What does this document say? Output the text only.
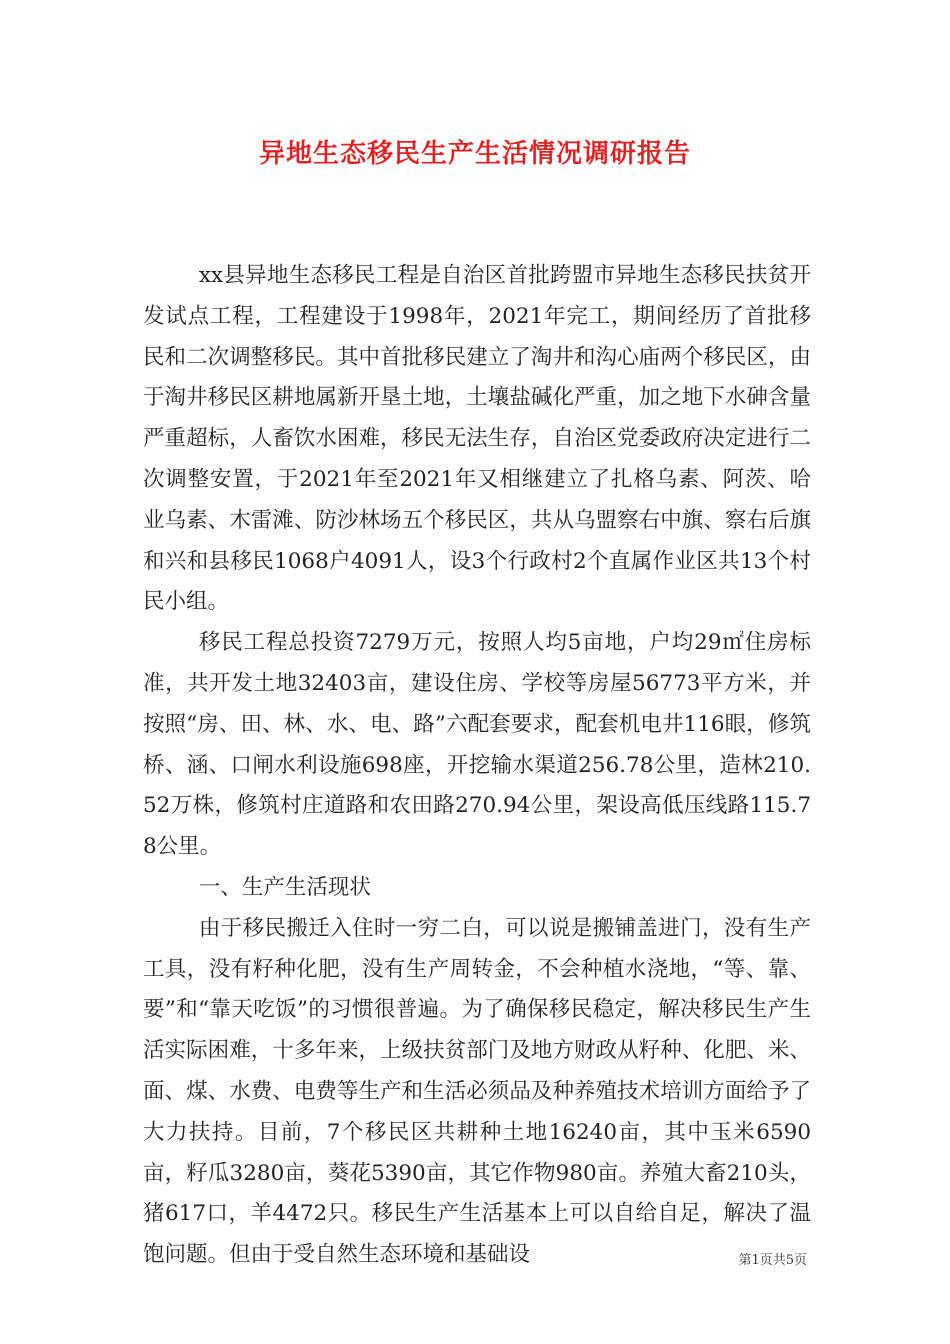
异地生态移民生产生活情况调研报告

xx县异地生态移民工程是自治区首批跨盟市异地生态移民扶贫开发试点工程，工程建设于1998年，2021年完工，期间经历了首批移民和二次调整移民。其中首批移民建立了淘井和沟心庙两个移民区，由于淘井移民区耕地属新开垦土地，土壤盐碱化严重，加之地下水砷含量严重超标，人畜饮水困难，移民无法生存，自治区党委政府决定进行二次调整安置，于2021年至2021年又相继建立了扎格乌素、阿茨、哈业乌素、木雷滩、防沙林场五个移民区，共从乌盟察右中旗、察右后旗和兴和县移民1068户4091人，设3个行政村2个直属作业区共13个村民小组。

移民工程总投资7279万元，按照人均5亩地，户均29㎡住房标准，共开发土地32403亩，建设住房、学校等房屋56773平方米，并按照“房、田、林、水、电、路”六配套要求，配套机电井116眼，修筑桥、涵、口闸水利设施698座，开挖输水渠道256.78公里，造林210.52万株，修筑村庄道路和农田路270.94公里，架设高低压线路115.78公里。

一、生产生活现状

由于移民搬迁入住时一穷二白，可以说是搬铺盖进门，没有生产工具，没有籽种化肥，没有生产周转金，不会种植水浇地，“等、靠、要”和“靠天吃饭”的习惯很普遍。为了确保移民稳定，解决移民生产生活实际困难，十多年来，上级扶贫部门及地方财政从籽种、化肥、米、面、煤、水费、电费等生产和生活必须品及种养殖技术培训方面给予了大力扶持。目前，7个移民区共耕种土地16240亩，其中玉米6590亩，籽瓜3280亩，葵花5390亩，其它作物980亩。养殖大畜210头，猪617口，羊4472只。移民生产生活基本上可以自给自足，解决了温饱问题。但由于受自然生态环境和基础设	第1页共5页
